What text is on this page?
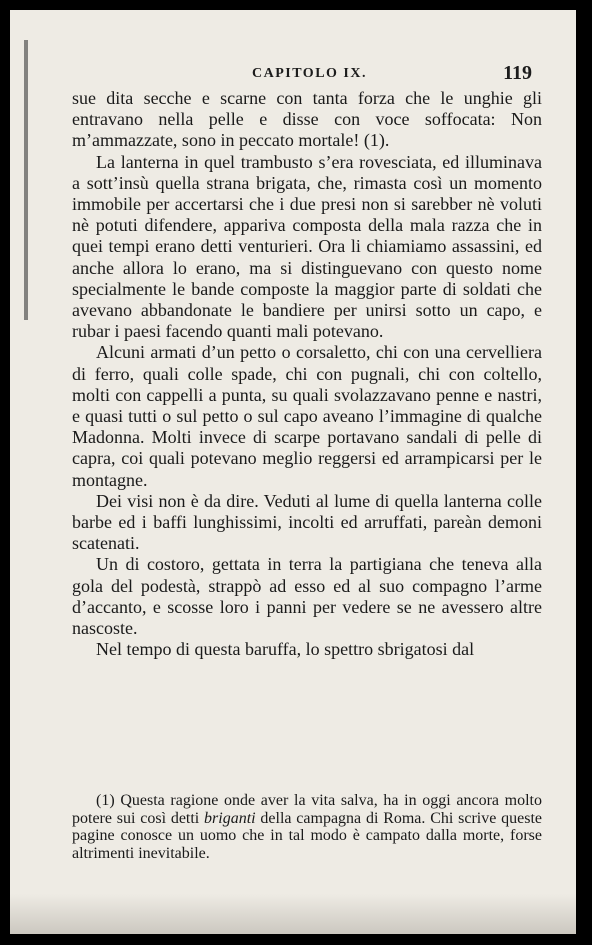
CAPITOLO IX.	119

sue dita secche e scarne con tanta forza che le unghie gli entravano nella pelle e disse con voce soffocata: Non m’ammazzate, sono in peccato mortale! (1).

La lanterna in quel trambusto s’era rovesciata, ed illuminava a sott’insù quella strana brigata, che, rimasta così un momento immobile per accertarsi che i due presi non si sarebber nè voluti nè potuti difendere, appariva composta della mala razza che in quei tempi erano detti venturieri. Ora li chiamiamo assassini, ed anche allora lo erano, ma si distinguevano con questo nome specialmente le bande composte la maggior parte di soldati che avevano abbandonate le bandiere per unirsi sotto un capo, e rubar i paesi facendo quanti mali potevano.

Alcuni armati d’un petto o corsaletto, chi con una cervelliera di ferro, quali colle spade, chi con pugnali, chi con coltello, molti con cappelli a punta, su quali svolazzavano penne e nastri, e quasi tutti o sul petto o sul capo aveano l’immagine di qualche Madonna. Molti invece di scarpe portavano sandali di pelle di capra, coi quali potevano meglio reggersi ed arrampicarsi per le montagne.

Dei visi non è da dire. Veduti al lume di quella lanterna colle barbe ed i baffi lunghissimi, incolti ed arruffati, pareàn demoni scatenati.

Un di costoro, gettata in terra la partigiana che teneva alla gola del podestà, strappò ad esso ed al suo compagno l’arme d’accanto, e scosse loro i panni per vedere se ne avessero altre nascoste.

Nel tempo di questa baruffa, lo spettro sbrigatosi dal

(1) Questa ragione onde aver la vita salva, ha in oggi ancora molto potere sui così detti briganti della campagna di Roma. Chi scrive queste pagine conosce un uomo che in tal modo è campato dalla morte, forse altrimenti inevitabile.
